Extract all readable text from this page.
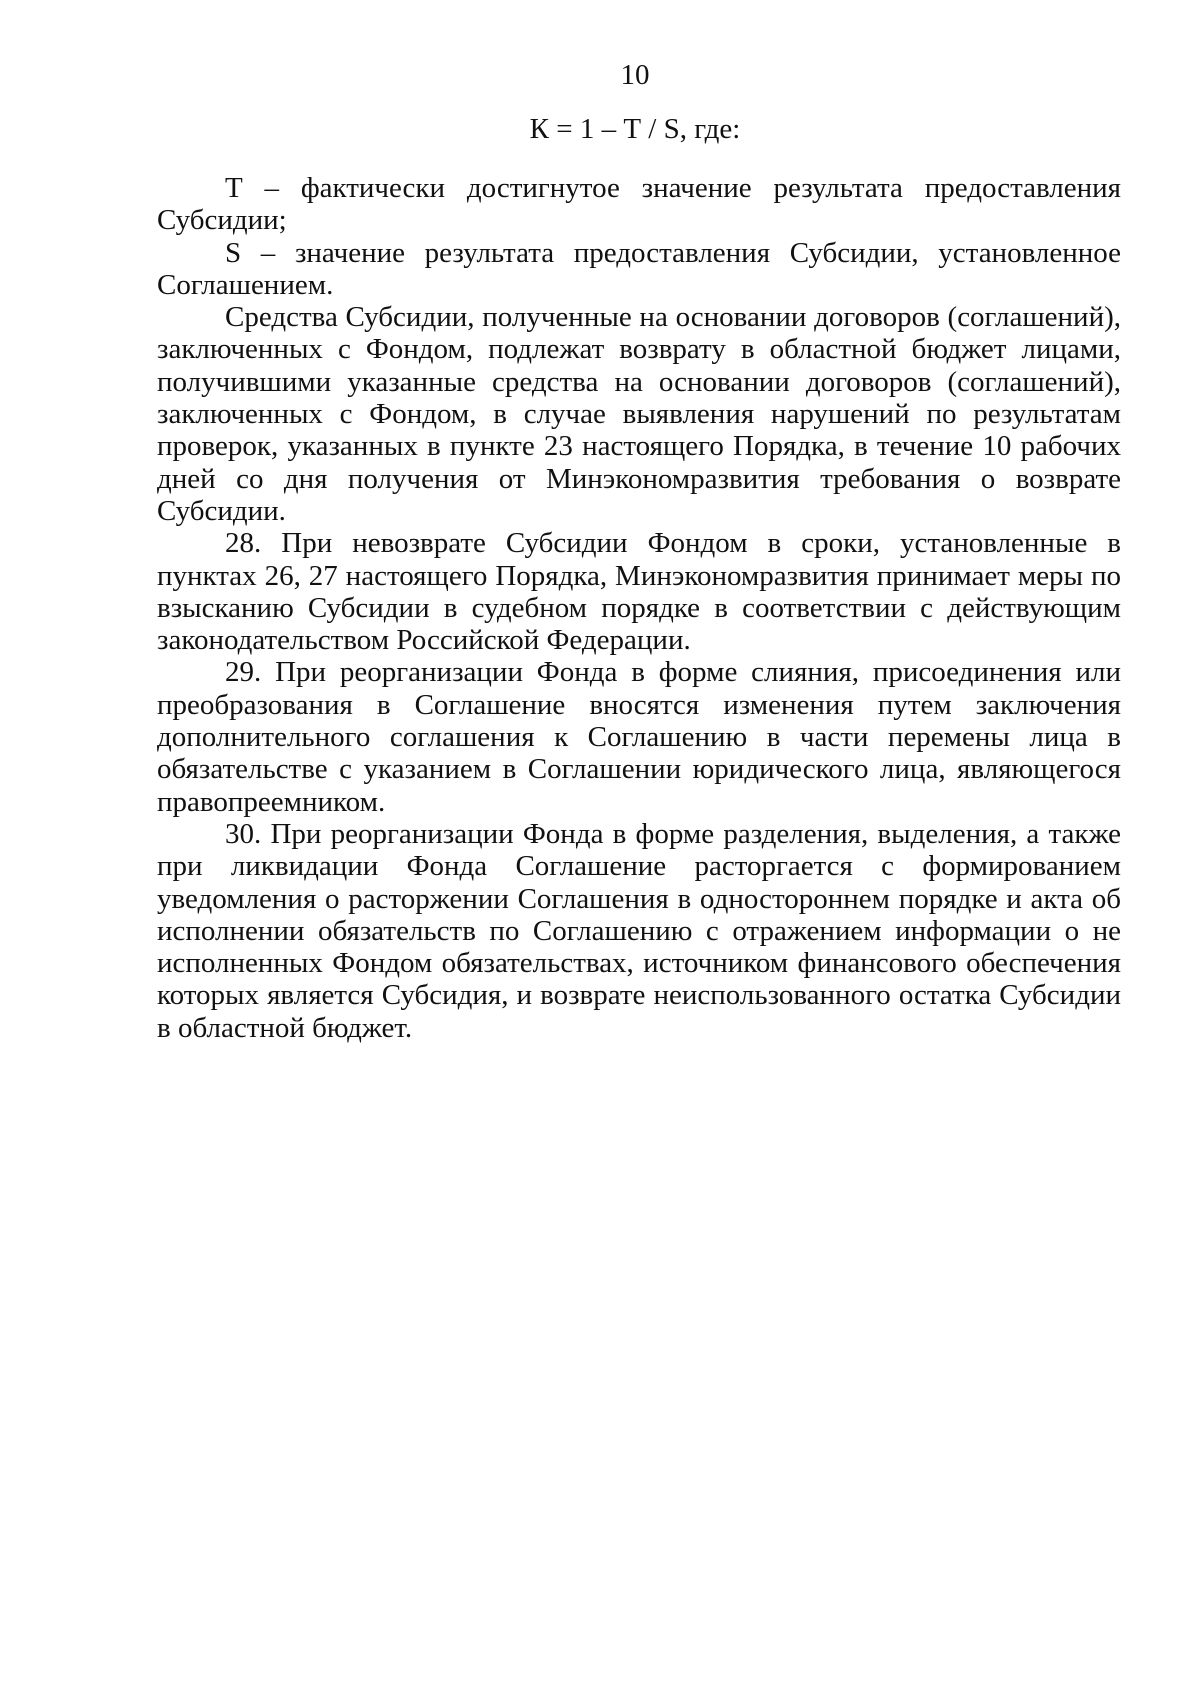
10
К = 1 – Т / S, где:

Т – фактически достигнутое значение результата предоставления Субсидии;

S – значение результата предоставления Субсидии, установленное Соглашением.

Средства Субсидии, полученные на основании договоров (соглашений), заключенных с Фондом, подлежат возврату в областной бюджет лицами, получившими указанные средства на основании договоров (соглашений), заключенных с Фондом, в случае выявления нарушений по результатам проверок, указанных в пункте 23 настоящего Порядка, в течение 10 рабочих дней со дня получения от Минэкономразвития требования о возврате Субсидии.

28. При невозврате Субсидии Фондом в сроки, установленные в пунктах 26, 27 настоящего Порядка, Минэкономразвития принимает меры по взысканию Субсидии в судебном порядке в соответствии с действующим законодательством Российской Федерации.

29. При реорганизации Фонда в форме слияния, присоединения или преобразования в Соглашение вносятся изменения путем заключения дополнительного соглашения к Соглашению в части перемены лица в обязательстве с указанием в Соглашении юридического лица, являющегося правопреемником.

30. При реорганизации Фонда в форме разделения, выделения, а также при ликвидации Фонда Соглашение расторгается с формированием уведомления о расторжении Соглашения в одностороннем порядке и акта об исполнении обязательств по Соглашению с отражением информации о не исполненных Фондом обязательствах, источником финансового обеспечения которых является Субсидия, и возврате неиспользованного остатка Субсидии в областной бюджет.
